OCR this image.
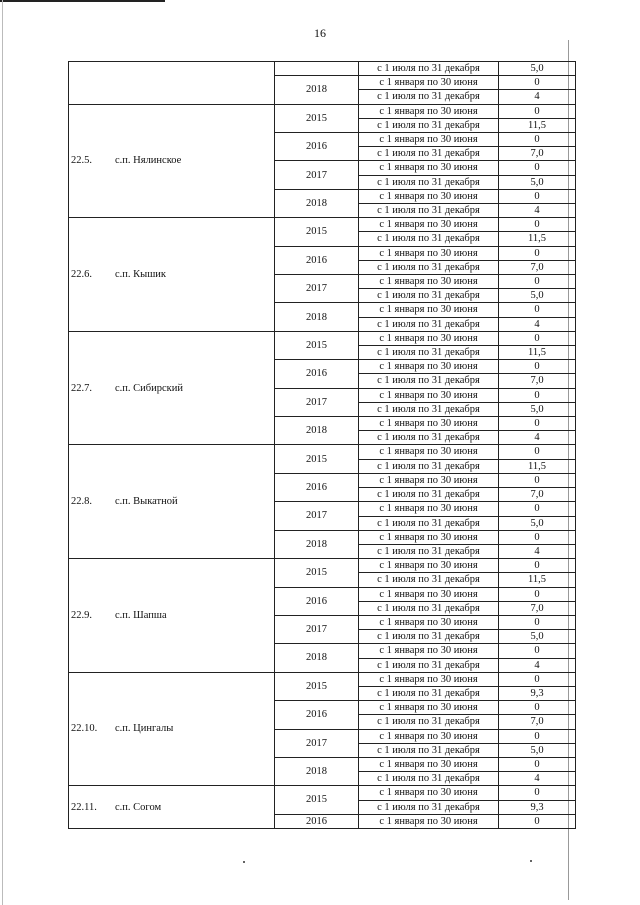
16
		с 1 июля по 31 декабря	5,0
	2018	с 1 января по 30 июня	0
		с 1 июля по 31 декабря	4
22.5. с.п. Нялинское	2015	с 1 января по 30 июня	0
		с 1 июля по 31 декабря	11,5
	2016	с 1 января по 30 июня	0
		с 1 июля по 31 декабря	7,0
	2017	с 1 января по 30 июня	0
		с 1 июля по 31 декабря	5,0
	2018	с 1 января по 30 июня	0
		с 1 июля по 31 декабря	4
22.6. с.п. Кышик	2015	с 1 января по 30 июня	0
		с 1 июля по 31 декабря	11,5
	2016	с 1 января по 30 июня	0
		с 1 июля по 31 декабря	7,0
	2017	с 1 января по 30 июня	0
		с 1 июля по 31 декабря	5,0
	2018	с 1 января по 30 июня	0
		с 1 июля по 31 декабря	4
22.7. с.п. Сибирский	2015	с 1 января по 30 июня	0
		с 1 июля по 31 декабря	11,5
	2016	с 1 января по 30 июня	0
		с 1 июля по 31 декабря	7,0
	2017	с 1 января по 30 июня	0
		с 1 июля по 31 декабря	5,0
	2018	с 1 января по 30 июня	0
		с 1 июля по 31 декабря	4
22.8. с.п. Выкатной	2015	с 1 января по 30 июня	0
		с 1 июля по 31 декабря	11,5
	2016	с 1 января по 30 июня	0
		с 1 июля по 31 декабря	7,0
	2017	с 1 января по 30 июня	0
		с 1 июля по 31 декабря	5,0
	2018	с 1 января по 30 июня	0
		с 1 июля по 31 декабря	4
22.9. с.п. Шапша	2015	с 1 января по 30 июня	0
		с 1 июля по 31 декабря	11,5
	2016	с 1 января по 30 июня	0
		с 1 июля по 31 декабря	7,0
	2017	с 1 января по 30 июня	0
		с 1 июля по 31 декабря	5,0
	2018	с 1 января по 30 июня	0
		с 1 июля по 31 декабря	4
22.10. с.п. Цингалы	2015	с 1 января по 30 июня	0
		с 1 июля по 31 декабря	9,3
	2016	с 1 января по 30 июня	0
		с 1 июля по 31 декабря	7,0
	2017	с 1 января по 30 июня	0
		с 1 июля по 31 декабря	5,0
	2018	с 1 января по 30 июня	0
		с 1 июля по 31 декабря	4
22.11. с.п. Согом	2015	с 1 января по 30 июня	0
		с 1 июля по 31 декабря	9,3
	2016	с 1 января по 30 июня	0
